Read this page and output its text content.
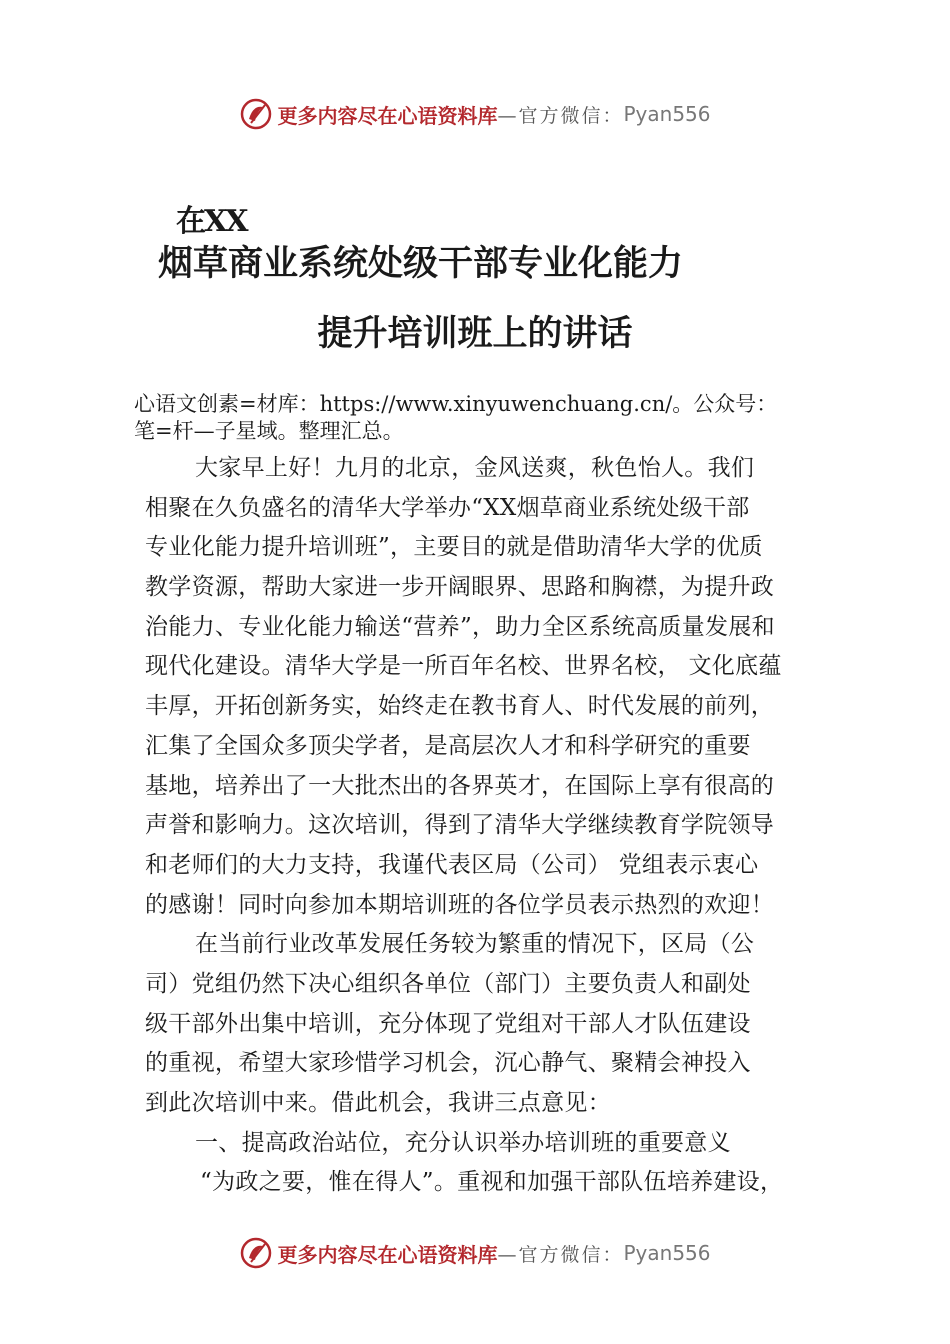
更多内容尽在心语资料库 —官方微信： Pyan556
在XX
烟草商业系统处级干部专业化能力
提升培训班上的讲话
心语文创素=材库：https://www.xinyuwenchuang.cn/。公众号：
笔=杆—子星域。整理汇总。
大家早上好！九月的北京，金风送爽，秋色怡人。我们
相聚在久负盛名的清华大学举办“XX烟草商业系统处级干部
专业化能力提升培训班”，主要目的就是借助清华大学的优质
教学资源，帮助大家进一步开阔眼界、思路和胸襟，为提升政
治能力、专业化能力输送“营养”，助力全区系统高质量发展和
现代化建设。清华大学是一所百年名校、世界名校， 文化底蕴
丰厚，开拓创新务实，始终走在教书育人、时代发展的前列，
汇集了全国众多顶尖学者，是高层次人才和科学研究的重要
基地，培养出了一大批杰出的各界英才，在国际上享有很高的
声誉和影响力。这次培训，得到了清华大学继续教育学院领导
和老师们的大力支持，我谨代表区局（公司） 党组表示衷心
的感谢！同时向参加本期培训班的各位学员表示热烈的欢迎！
在当前行业改革发展任务较为繁重的情况下，区局（公
司）党组仍然下决心组织各单位（部门）主要负责人和副处
级干部外出集中培训，充分体现了党组对干部人才队伍建设
的重视，希望大家珍惜学习机会，沉心静气、聚精会神投入
到此次培训中来。借此机会，我讲三点意见：
一、提高政治站位，充分认识举办培训班的重要意义
“为政之要，惟在得人”。重视和加强干部队伍培养建设，
更多内容尽在心语资料库 —官方微信： Pyan556
